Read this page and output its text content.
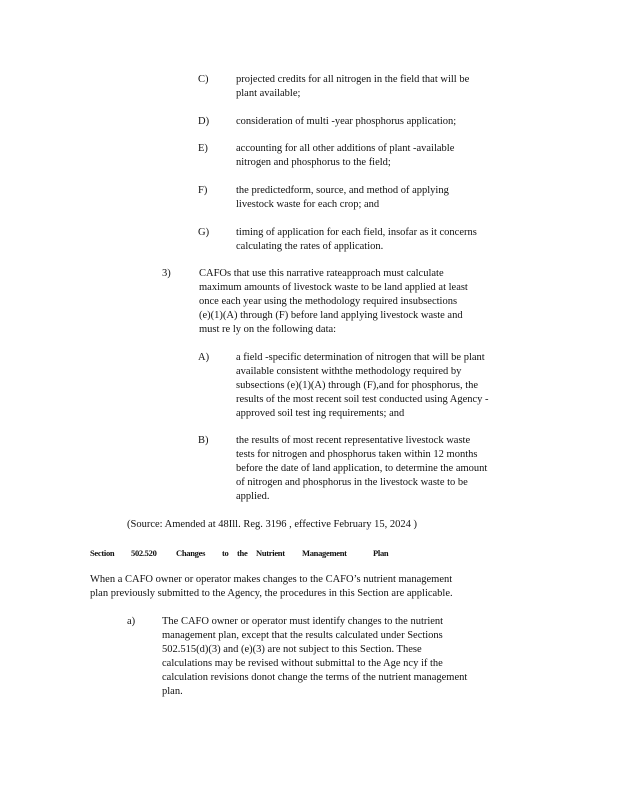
C)	projected credits for all nitrogen in the field that will be
plant available;
D)	consideration of multi -year phosphorus application;
E)	accounting for all other additions of plant -available
nitrogen and phosphorus to the field;
F)	the predictedform, source, and method of applying
livestock waste for each crop; and
G)	timing of application for each field, insofar as it concerns
calculating the rates of application.
3)	CAFOs that use this narrative rateapproach must calculate
maximum amounts of livestock waste to be land applied at least
once each year using the methodology required insubsections
(e)(1)(A) through (F) before land applying livestock waste and
must re ly on the following data:
A)	a field -specific determination of nitrogen that will be plant
available consistent withthe methodology required by
subsections (e)(1)(A) through (F),and for phosphorus, the
results of the most recent soil test conducted using Agency -
approved soil test ing requirements; and
B)	the results of most recent representative livestock waste
tests for nitrogen and phosphorus taken within 12 months
before the date of land application, to determine the amount
of nitrogen and phosphorus in the livestock waste to be
applied.
(Source: Amended at 48Ill. Reg. 3196 , effective February 15, 2024 )
Section 502.520 Changes to the Nutrient Management	Plan
When a CAFO owner or operator makes changes to the CAFO’s nutrient management
plan previously submitted to the Agency, the procedures in this Section are applicable.
a)	The CAFO owner or operator must identify changes to the nutrient
management plan, except that the results calculated under Sections
502.515(d)(3) and (e)(3) are not subject to this Section. These
calculations may be revised without submittal to the Age ncy if the
calculation revisions donot change the terms of the nutrient management
plan.
